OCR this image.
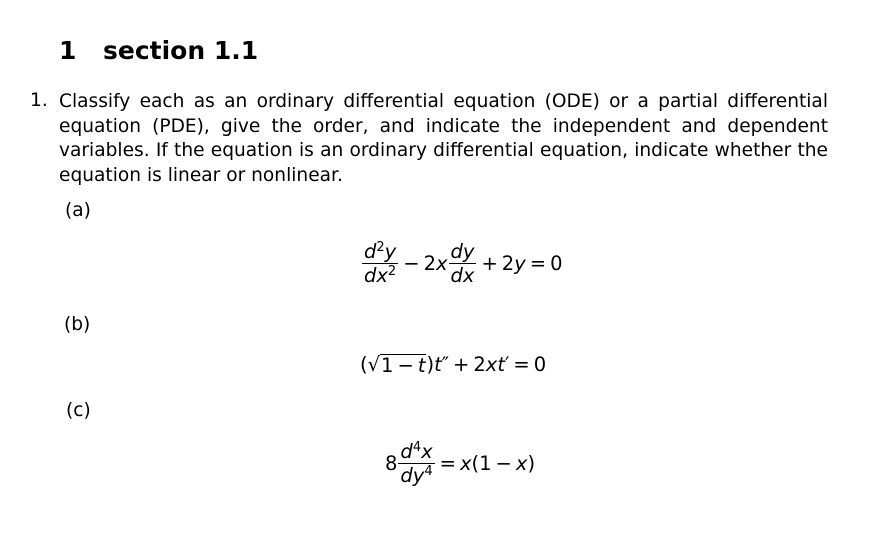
1 section 1.1
1. Classify each as an ordinary differential equation (ODE) or a partial differential equation (PDE), give the order, and indicate the independent and dependent variables. If the equation is an ordinary differential equation, indicate whether the equation is linear or nonlinear.

(a)
$\frac{d^2y}{dx^2} - 2$ x $\frac{dy}{dx} + 2$ y = 0
(b)
( √ 1 − t ) t ″ + 2 xt ′ = 0
(c)
$8 \frac{d^4x}{dy^4} = x$ (1 − x )
